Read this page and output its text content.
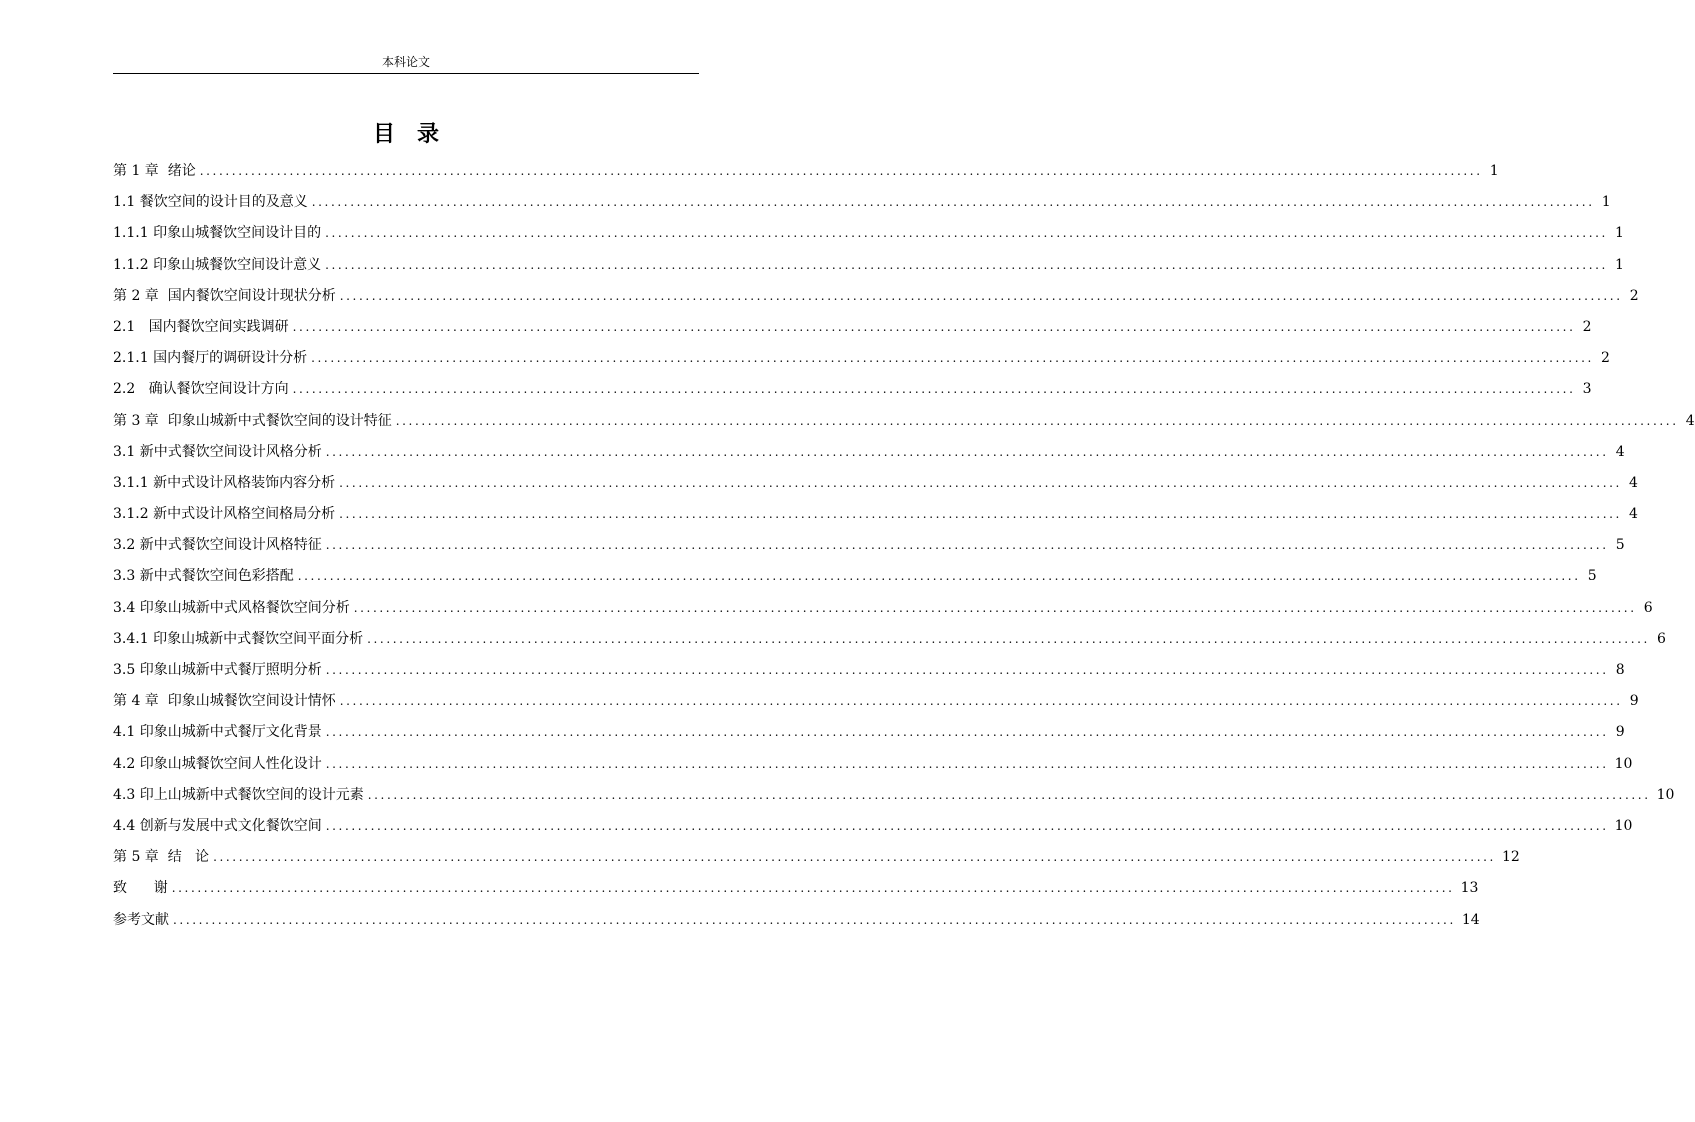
本科论文
目　录
第 1 章  绪论 ........................................................................................................................................................................................................ 1
1.1 餐饮空间的设计目的及意义 ........................................................................................................................................................................................................ 1
1.1.1 印象山城餐饮空间设计目的 ........................................................................................................................................................................................................ 1
1.1.2 印象山城餐饮空间设计意义 ........................................................................................................................................................................................................ 1
第 2 章  国内餐饮空间设计现状分析 ........................................................................................................................................................................................................ 2
2.1   国内餐饮空间实践调研 ........................................................................................................................................................................................................ 2
2.1.1 国内餐厅的调研设计分析 ........................................................................................................................................................................................................ 2
2.2   确认餐饮空间设计方向 ........................................................................................................................................................................................................ 3
第 3 章  印象山城新中式餐饮空间的设计特征 ........................................................................................................................................................................................................ 4
3.1 新中式餐饮空间设计风格分析 ........................................................................................................................................................................................................ 4
3.1.1 新中式设计风格装饰内容分析 ........................................................................................................................................................................................................ 4
3.1.2 新中式设计风格空间格局分析 ........................................................................................................................................................................................................ 4
3.2 新中式餐饮空间设计风格特征 ........................................................................................................................................................................................................ 5
3.3 新中式餐饮空间色彩搭配 ........................................................................................................................................................................................................ 5
3.4 印象山城新中式风格餐饮空间分析 ........................................................................................................................................................................................................ 6
3.4.1 印象山城新中式餐饮空间平面分析 ........................................................................................................................................................................................................ 6
3.5 印象山城新中式餐厅照明分析 ........................................................................................................................................................................................................ 8
第 4 章  印象山城餐饮空间设计情怀 ........................................................................................................................................................................................................ 9
4.1 印象山城新中式餐厅文化背景 ........................................................................................................................................................................................................ 9
4.2 印象山城餐饮空间人性化设计 ........................................................................................................................................................................................................ 10
4.3 印上山城新中式餐饮空间的设计元素 ........................................................................................................................................................................................................ 10
4.4 创新与发展中式文化餐饮空间 ........................................................................................................................................................................................................ 10
第 5 章  结   论 ........................................................................................................................................................................................................ 12
致      谢 ........................................................................................................................................................................................................ 13
参考文献 ........................................................................................................................................................................................................ 14
